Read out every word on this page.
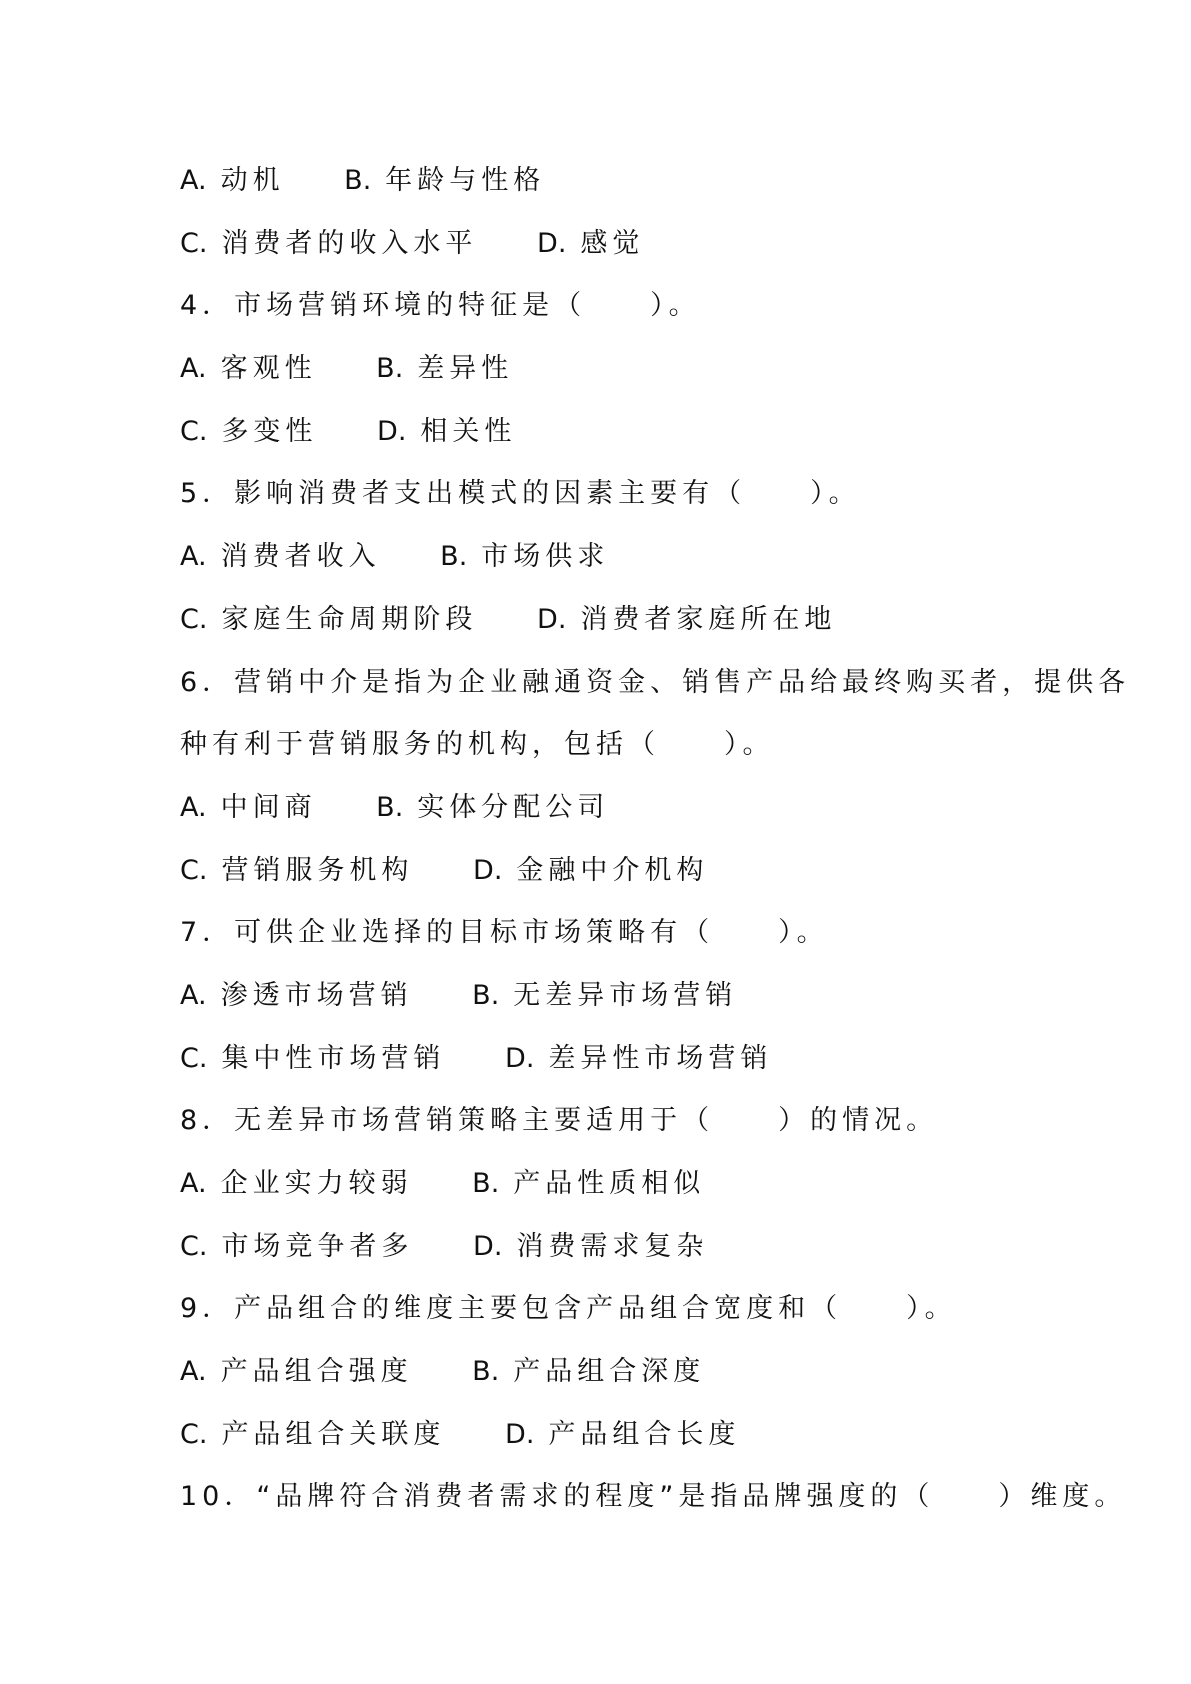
A. 动机 B. 年龄与性格
C. 消费者的收入水平 D. 感觉
4．市场营销环境的特征是（　　）。
A. 客观性 B. 差异性
C. 多变性 D. 相关性
5．影响消费者支出模式的因素主要有（　　）。
A. 消费者收入 B. 市场供求
C. 家庭生命周期阶段 D. 消费者家庭所在地
6．营销中介是指为企业融通资金、销售产品给最终购买者，提供各
种有利于营销服务的机构，包括（　　）。
A. 中间商 B. 实体分配公司
C. 营销服务机构 D. 金融中介机构
7．可供企业选择的目标市场策略有（　　）。
A. 渗透市场营销 B. 无差异市场营销
C. 集中性市场营销 D. 差异性市场营销
8．无差异市场营销策略主要适用于（　　）的情况。
A. 企业实力较弱 B. 产品性质相似
C. 市场竞争者多 D. 消费需求复杂
9．产品组合的维度主要包含产品组合宽度和（　　）。
A. 产品组合强度 B. 产品组合深度
C. 产品组合关联度 D. 产品组合长度
10．“品牌符合消费者需求的程度”是指品牌强度的（　　）维度。
